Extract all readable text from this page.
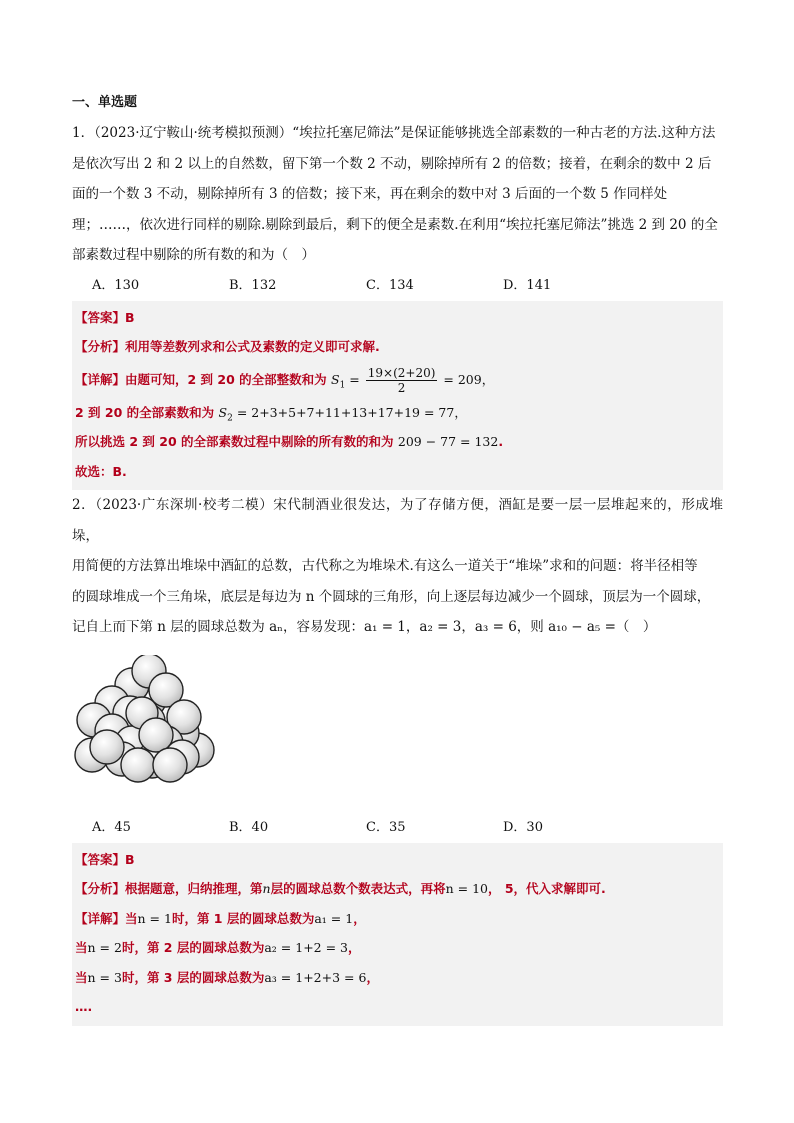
一、单选题

1．（2023·辽宁鞍山·统考模拟预测）“埃拉托塞尼筛法”是保证能够挑选全部素数的一种古老的方法.这种方法
是依次写出 2 和 2 以上的自然数，留下第一个数 2 不动，剔除掉所有 2 的倍数；接着，在剩余的数中 2 后
面的一个数 3 不动，剔除掉所有 3 的倍数；接下来，再在剩余的数中对 3 后面的一个数 5 作同样处
理；……，依次进行同样的剔除.剔除到最后，剩下的便全是素数.在利用“埃拉托塞尼筛法”挑选 2 到 20 的全
部素数过程中剔除的所有数的和为（　）

A．130	B．132	C．134	D．141
【答案】B
【分析】利用等差数列求和公式及素数的定义即可求解.
【详解】由题可知，2 到 20 的全部整数和为 $S_1 = \frac{19\times(2+20)}{2} = 209$，
2 到 20 的全部素数和为 $S_2 = 2+3+5+7+11+13+17+19 = 77$，
所以挑选 2 到 20 的全部素数过程中剔除的所有数的和为 209 − 77 = 132.
故选：B.

2．（2023·广东深圳·校考二模）宋代制酒业很发达，为了存储方便，酒缸是要一层一层堆起来的，形成堆垛，
用简便的方法算出堆垛中酒缸的总数，古代称之为堆垛术.有这么一道关于“堆垛”求和的问题：将半径相等
的圆球堆成一个三角垛，底层是每边为 n 个圆球的三角形，向上逐层每边减少一个圆球，顶层为一个圆球，
记自上而下第 n 层的圆球总数为 aₙ，容易发现：a₁ = 1，a₂ = 3，a₃ = 6，则 a₁₀ − a₅ =（　）

A．45	B．40	C．35	D．30
【答案】B
【分析】根据题意，归纳推理，第n层的圆球总数个数表达式，再将n = 10， 5，代入求解即可.
【详解】当n = 1时，第 1 层的圆球总数为a₁ = 1，
当n = 2时，第 2 层的圆球总数为a₂ = 1+2 = 3，
当n = 3时，第 3 层的圆球总数为a₃ = 1+2+3 = 6，
….
